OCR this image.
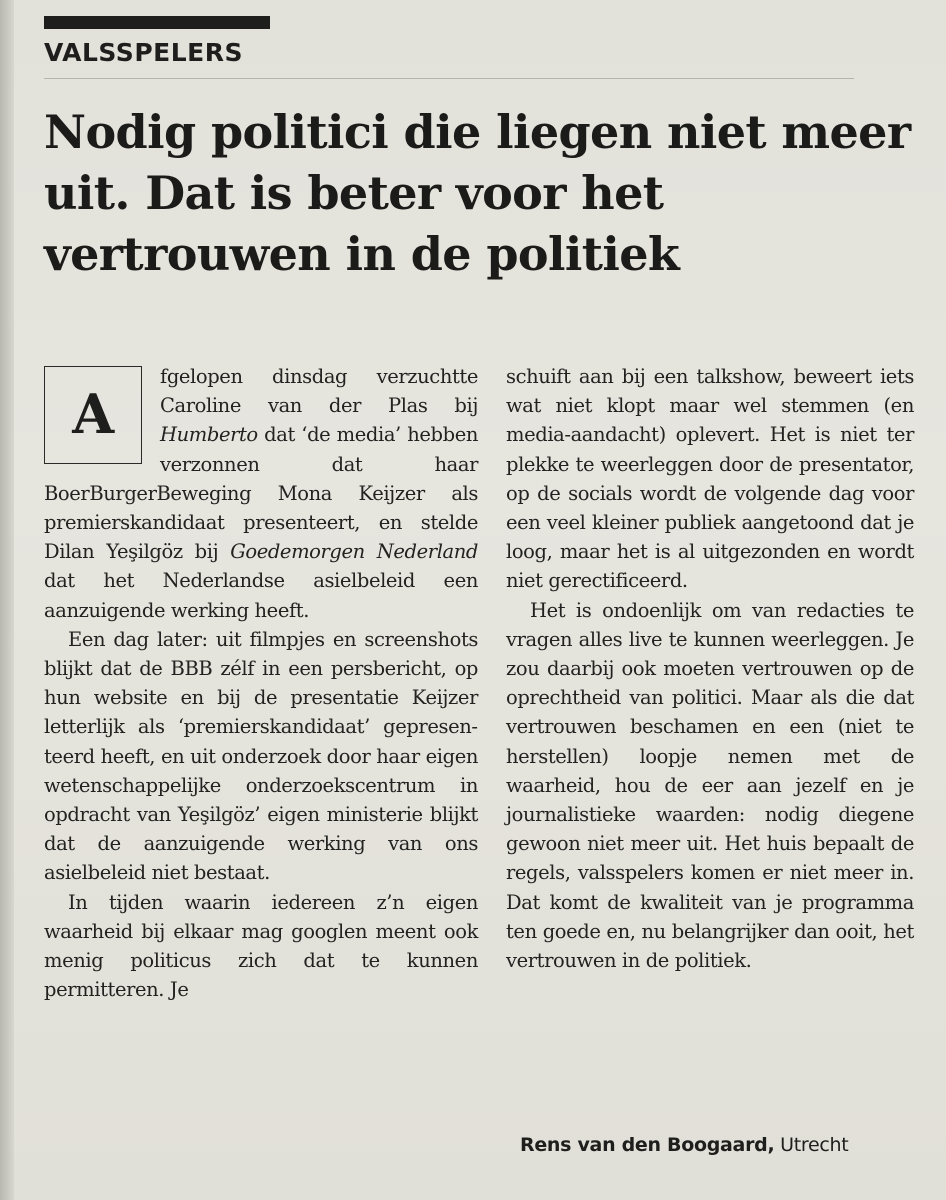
VALSSPELERS
Nodig politici die liegen niet meer uit. Dat is beter voor het vertrouwen in de politiek

A
fgelopen dinsdag verzuchtte Caroline van der Plas bij Humberto dat ‘de media’ hebben verzonnen dat haar BoerBurgerBeweging Mona Keijzer als premierskandidaat presenteert, en stelde Dilan Yeşilgöz bij Goedemorgen Nederland dat het Nederlandse asielbeleid een aanzuigende werking heeft.

Een dag later: uit filmpjes en screenshots blijkt dat de BBB zélf in een persbericht, op hun website en bij de presentatie Keijzer letterlijk als ‘premierskandidaat’ gepresenteerd heeft, en uit onderzoek door haar eigen wetenschappelijke onderzoekscentrum in opdracht van Yeşilgöz’ eigen ministerie blijkt dat de aanzuigende werking van ons asielbeleid niet bestaat.

In tijden waarin iedereen z’n eigen waarheid bij elkaar mag googlen meent ook menig politicus zich dat te kunnen permitteren. Je

schuift aan bij een talkshow, beweert iets wat niet klopt maar wel stemmen (en media-aandacht) oplevert. Het is niet ter plekke te weerleggen door de presentator, op de socials wordt de volgende dag voor een veel kleiner publiek aangetoond dat je loog, maar het is al uitgezonden en wordt niet gerectificeerd.

Het is ondoenlijk om van redacties te vragen alles live te kunnen weerleggen. Je zou daarbij ook moeten vertrouwen op de oprechtheid van politici. Maar als die dat vertrouwen beschamen en een (niet te herstellen) loopje nemen met de waarheid, hou de eer aan jezelf en je journalistieke waarden: nodig diegene gewoon niet meer uit. Het huis bepaalt de regels, valsspelers komen er niet meer in. Dat komt de kwaliteit van je programma ten goede en, nu belangrijker dan ooit, het vertrouwen in de politiek.

Rens van den Boogaard, Utrecht
